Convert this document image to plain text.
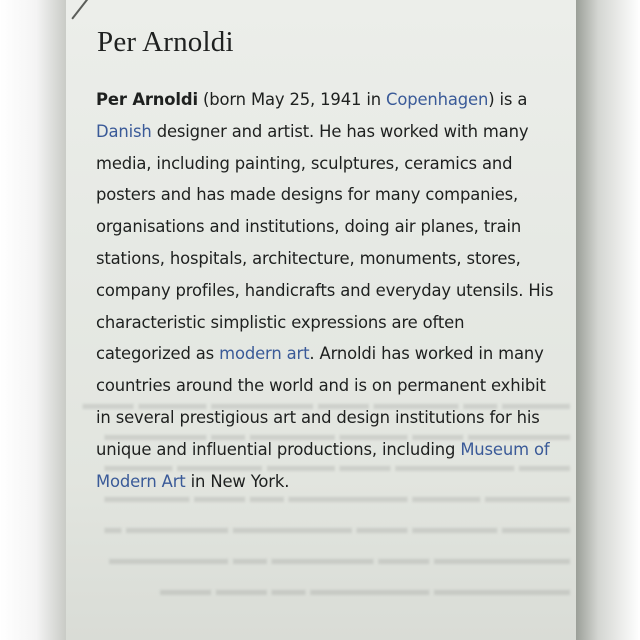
▬▬▬▬ ▬▬ ▬▬▬▬▬ ▬▬▬ ▬▬▬▬▬▬ ▬▬▬▬ ▬▬▬
▬▬▬▬▬▬ ▬▬▬ ▬▬▬▬ ▬▬▬▬▬ ▬▬ ▬▬▬▬▬▬
▬▬▬ ▬▬▬▬▬▬▬ ▬▬▬ ▬▬▬▬ ▬▬▬▬▬ ▬▬▬▬
▬▬▬▬▬ ▬▬▬▬ ▬▬▬▬▬▬▬ ▬▬ ▬▬▬ ▬▬▬▬▬
▬▬▬▬ ▬▬▬▬▬ ▬▬▬ ▬▬▬▬▬▬▬ ▬▬▬▬▬▬ ▬
▬▬▬▬▬▬▬▬ ▬▬▬ ▬▬▬▬▬▬ ▬▬ ▬▬▬▬▬▬▬
▬▬▬▬▬▬▬▬ ▬▬▬▬▬▬▬ ▬▬ ▬▬▬ ▬▬▬
Per Arnoldi
Per Arnoldi (born May 25, 1941 in Copenhagen) is a
Danish designer and artist. He has worked with many
media, including painting, sculptures, ceramics and
posters and has made designs for many companies,
organisations and institutions, doing air planes, train
stations, hospitals, architecture, monuments, stores,
company profiles, handicrafts and everyday utensils. His
characteristic simplistic expressions are often
categorized as modern art. Arnoldi has worked in many
countries around the world and is on permanent exhibit
in several prestigious art and design institutions for his
unique and influential productions, including Museum of
Modern Art in New York.
